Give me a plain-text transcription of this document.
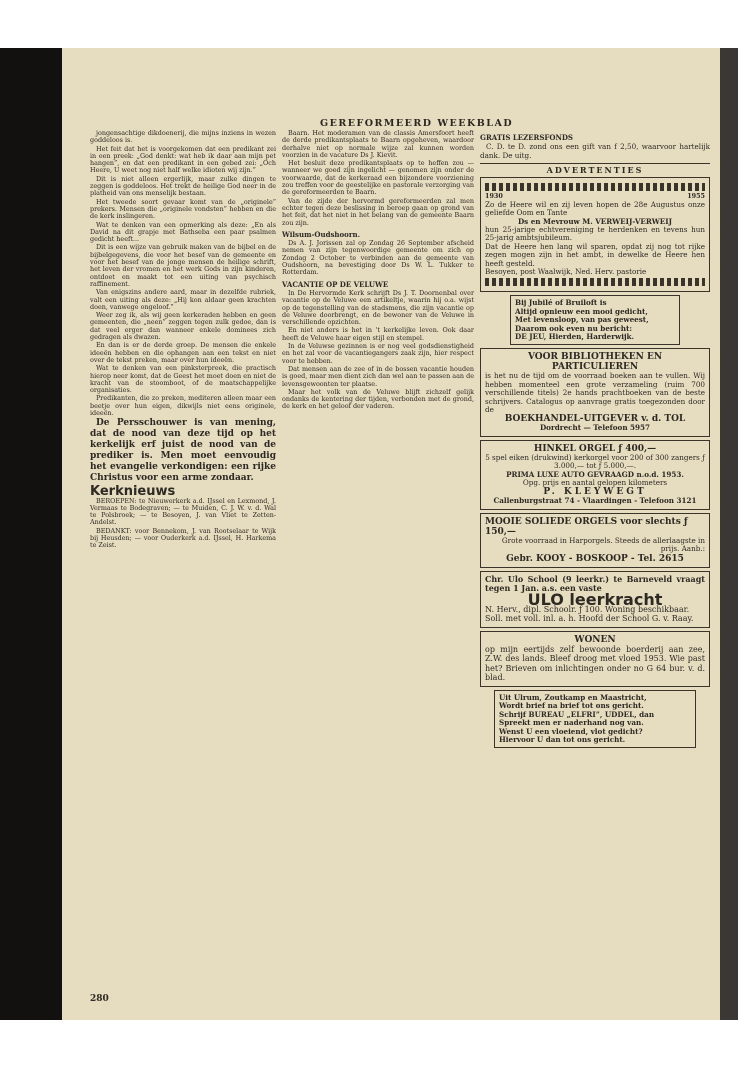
GEREFORMEERD WEEKBLAD

jongensachtige dikdoenerij, die mijns inziens in wezen goddeloos is.

Het feit dat het is voorgekomen dat een predikant zei in een preek: „God denkt: wat heb ik daar aan mijn pet hangen”, en dat een predikant in een gebed zei: „Och Heere, U weet nog niet half welke idioten wij zijn.”

Dit is niet alleen ergerlijk, maar zulke dingen te zeggen is goddeloos. Het trekt de heilige God neer in de platheid van ons menselijk bestaan.

Het tweede soort gevaar komt van de „originele” prekers. Mensen die „originele vondsten” hebben en die de kerk inslingeren.

Wat te denken van een opmerking als deze: „En als David na dit grapje met Bathseba een paar psalmen gedicht heeft...

Dit is een wijze van gebruik maken van de bijbel en de bijbelgegevens, die voor het besef van de gemeente en voor het besef van de jonge mensen de heilige schrift, het leven der vromen en het werk Gods in zijn kinderen, ontdoet en maakt tot een uiting van psychisch raffinement.

Van enigszins andere aard, maar in dezelfde rubriek, valt een uiting als deze: „Hij kon aldaar geen krachten doen, vanwege ongeloof.”

Weer zeg ik, als wij geen kerkeraden hebben en geen gemeenten, die „neen” zeggen tegen zulk gedoe, dan is dat veel erger dan wanneer enkele dominees zich gedragen als dwazen.

En dan is er de derde groep. De mensen die enkele ideeën hebben en die ophangen aan een tekst en niet over de tekst preken, maar over hun ideeën.

Wat te denken van een pinksterpreek, die practisch hierop neer komt, dat de Geest het moet doen en niet de kracht van de stoomboot, of de maatschappelijke organisaties.

Predikanten, die zo preken, mediteren alleen maar een beetje over hun eigen, dikwijls niet eens originele, ideeën.

De Persschouwer is van mening, dat de nood van deze tijd op het kerkelijk erf juist de nood van de prediker is. Men moet eenvoudig het evangelie verkondigen: een rijke Christus voor een arme zondaar.

Kerknieuws

BEROEPEN: te Nieuwerkerk a.d. IJssel en Lexmond, J. Vermaas te Bodegraven; — te Muiden, C. J. W. v. d. Wal te Polsbroek; — te Besoyen, J. van Vliet te Zetten-Andelst.

BEDANKT: voor Bennekom, J. van Rootselaar te Wijk bij Heusden; — voor Ouderkerk a.d. IJssel, H. Harkema te Zeist.

Baarn. Het moderamen van de classis Amersfoort heeft de derde predikantsplaats te Baarn opgeheven, waardoor derhalve niet op normale wijze zal kunnen worden voorzien in de vacature Ds J. Kievit.

Het besluit deze predikantsplaats op te heffen zou — wanneer we goed zijn ingelicht — genomen zijn onder de voorwaarde, dat de kerkeraad een bijzondere voorziening zou treffen voor de geestelijke en pastorale verzorging van de gereformeerden te Baarn.

Van de zijde der hervormd gereformeerden zal men echter tegen deze beslissing in beroep gaan op grond van het feit, dat het niet in het belang van de gemeente Baarn zou zijn.

Wilsum-Oudshoorn.

Ds A. J. Jorissen zal op Zondag 26 September afscheid nemen van zijn tegenwoordige gemeente om zich op Zondag 2 October te verbinden aan de gemeente van Oudshoorn, na bevestiging door Ds W. L. Tukker te Rotterdam.

VACANTIE OP DE VELUWE

In De Hervormde Kerk schrijft Ds J. T. Doornenbal over vacantie op de Veluwe een artikeltje, waarin hij o.a. wijst op de tegenstelling van de stadsmens, die zijn vacantie op de Veluwe doorbrengt, en de bewoner van de Veluwe in verschillende opzichten.

En niet anders is het in 't kerkelijke leven. Ook daar heeft de Veluwe haar eigen stijl en stempel.

In de Veluwse gezinnen is er nog veel godsdienstigheid en het zal voor de vacantiegangers zaak zijn, hier respect voor te hebben.

Dat mensen aan de zee of in de bossen vacantie houden is goed, maar men dient zich dan wel aan te passen aan de levensgewoonten ter plaatse.

Maar het volk van de Veluwe blijft zichzelf gelijk ondanks de kentering der tijden, verbonden met de grond, de kerk en het geloof der vaderen.

GRATIS LEZERSFONDS

C. D. te D. zond ons een gift van f 2,50, waarvoor hartelijk dank. De uitg.

ADVERTENTIES
1930	1955
Zo de Heere wil en zij leven hopen de 28e Augustus onze geliefde Oom en Tante
Ds en Mevrouw M. VERWEIJ-VERWEIJ
hun 25-jarige echtvereniging te herdenken en tevens hun 25-jarig ambtsjubileum.
Dat de Heere hen lang wil sparen, opdat zij nog tot rijke zegen mogen zijn in het ambt, in dewelke de Heere hen heeft gesteld.
Besoyen, post Waalwijk, Ned. Herv. pastorie
Bij Jubilé of Bruiloft is
Altijd opnieuw een mooi gedicht,
Met levensloop, van pas geweest,
Daarom ook even nu bericht:
DE JEU, Hierden, Harderwijk.
VOOR BIBLIOTHEKEN EN PARTICULIEREN
is het nu de tijd om de voorraad boeken aan te vullen. Wij hebben momenteel een grote verzameling (ruim 700 verschillende titels) 2e hands prachtboeken van de beste schrijvers. Catalogus op aanvrage gratis toegezonden door de
BOEKHANDEL-UITGEVER v. d. TOL
Dordrecht — Telefoon 5957
HINKEL ORGEL ƒ 400,—
5 spel eiken (drukwind) kerkorgel voor 200 of 300 zangers ƒ 3.000,— tot ƒ 5.000,—.
PRIMA LUXE AUTO GEVRAAGD n.o.d. 1953.
Opg. prijs en aantal gelopen kilometers
P. KLEYWEGT
Callenburgstraat 74 - Vlaardingen - Telefoon 3121
MOOIE SOLIEDE ORGELS voor slechts ƒ 150,—
Grote voorraad in Harporgels. Steeds de allerlaagste in prijs. Aanb.:
Gebr. KOOY - BOSKOOP - Tel. 2615
Chr. Ulo School (9 leerkr.) te Barneveld vraagt tegen 1 Jan. a.s. een vaste
ULO leerkracht
N. Herv., dipl. Schoolr. ƒ 100. Woning beschikbaar.
Soll. met voll. inl. a. h. Hoofd der School G. v. Raay.
WONEN
op mijn eertijds zelf bewoonde boerderij aan zee, Z.W. des lands. Bleef droog met vloed 1953. Wie past het? Brieven om inlichtingen onder no G 64 bur. v. d. blad.
Uit Ulrum, Zoutkamp en Maastricht,
Wordt brief na brief tot ons gericht.
Schrijf BUREAU „ELFRI”, UDDEL, dan
Spreekt men er naderhand nog van.
Wenst U een vloeiend, vlot gedicht?
Hiervoor U dan tot ons gericht.
280
